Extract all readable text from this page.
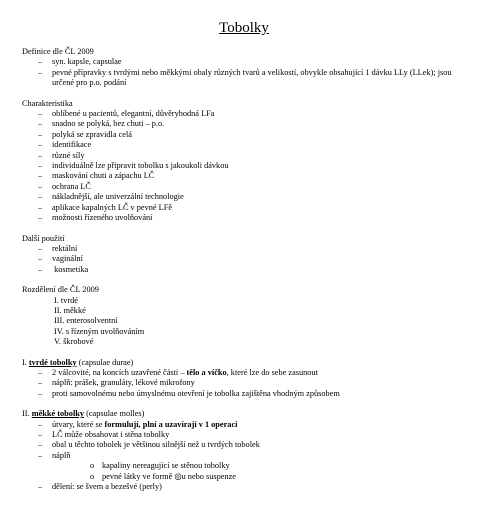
Tobolky
Definice dle ČL 2009
– syn. kapsle, capsulae
– pevné přípravky s tvrdými nebo měkkými obaly různých tvarů a velikostí, obvykle obsahující 1 dávku LLy (LLek); jsou určené pro p.o. podání
Charakteristika
– oblíbené u pacientů, elegantní, důvěryhodná LFa
– snadno se polyká, bez chuti – p.o.
– polyká se zpravidla celá
– identifikace
– různé síly
– individuálně lze připravit tobolku s jakoukoli dávkou
– maskování chuti a zápachu LČ
– ochrana LČ
– nákladnější, ale univerzální technologie
– aplikace kapalných LČ v pevné LFě
– možnosti řízeného uvolňování
Další použití
– rektální
– vaginální
– kosmetika
Rozdělení dle ČL 2009
I. tvrdé
II. měkké
III. enterosolventní
IV. s řízeným uvolňováním
V. škrobové
I. tvrdé tobolky (capsulae durae)
– 2 válcovité, na koncích uzavřené části – tělo a víčko, které lze do sebe zasunout
– náplň: prášek, granuláty, lékové mikrofony
– proti samovolnému nebo úmyslnému otevření je tobolka zajištěna vhodným způsobem
II. měkké tobolky (capsulae molles)
– útvary, které se formulují, plní a uzavírají v 1 operaci
– LČ může obsahovat i stěna tobolky
– obal u těchto tobolek je většinou silnější než u tvrdých tobolek
– náplň
o kapaliny nereagující se stěnou tobolky
o pevné látky ve formě ◎u nebo suspenze
– dělení: se švem a bezešvé (perly)
